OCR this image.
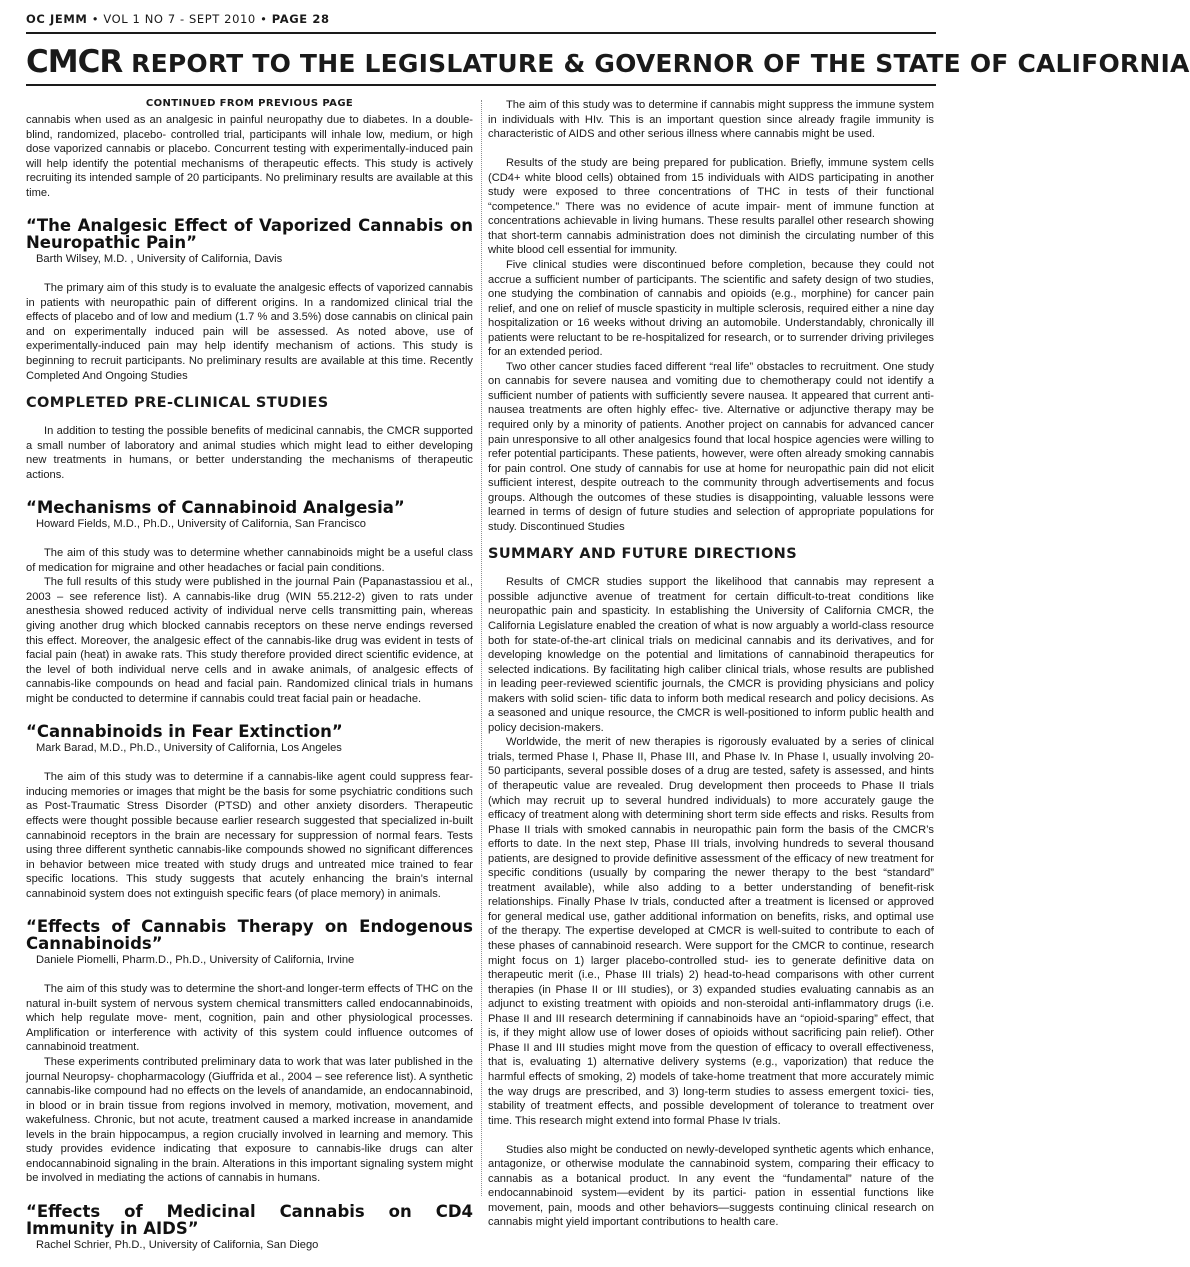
OC JEMM • VOL 1 NO 7 - SEPT 2010 • PAGE 28
CMCR REPORT TO THE LEGISLATURE & GOVERNOR OF THE STATE OF CALIFORNIA
CONTINUED FROM PREVIOUS PAGE

cannabis when used as an analgesic in painful neuropathy due to diabetes. In a double-blind, randomized, placebo- controlled trial, participants will inhale low, medium, or high dose vaporized cannabis or placebo. Concurrent testing with experimentally-induced pain will help identify the potential mechanisms of therapeutic effects. This study is actively recruiting its intended sample of 20 participants. No preliminary results are available at this time.

“The Analgesic Effect of Vaporized Cannabis on Neuropathic Pain”
Barth Wilsey, M.D. , University of California, Davis

The primary aim of this study is to evaluate the analgesic effects of vaporized cannabis in patients with neuropathic pain of different origins. In a randomized clinical trial the effects of placebo and of low and medium (1.7 % and 3.5%) dose cannabis on clinical pain and on experimentally induced pain will be assessed. As noted above, use of experimentally-induced pain may help identify mechanism of actions. This study is beginning to recruit participants. No preliminary results are available at this time. Recently Completed And Ongoing Studies

COMPLETED PRE-CLINICAL STUDIES

In addition to testing the possible benefits of medicinal cannabis, the CMCR supported a small number of laboratory and animal studies which might lead to either developing new treatments in humans, or better understanding the mechanisms of therapeutic actions.

“Mechanisms of Cannabinoid Analgesia”
Howard Fields, M.D., Ph.D., University of California, San Francisco

The aim of this study was to determine whether cannabinoids might be a useful class of medication for migraine and other headaches or facial pain conditions.

The full results of this study were published in the journal Pain (Papanastassiou et al., 2003 – see reference list). A cannabis-like drug (WIN 55.212-2) given to rats under anesthesia showed reduced activity of individual nerve cells transmitting pain, whereas giving another drug which blocked cannabis receptors on these nerve endings reversed this effect. Moreover, the analgesic effect of the cannabis-like drug was evident in tests of facial pain (heat) in awake rats. This study therefore provided direct scientific evidence, at the level of both individual nerve cells and in awake animals, of analgesic effects of cannabis-like compounds on head and facial pain. Randomized clinical trials in humans might be conducted to determine if cannabis could treat facial pain or headache.

“Cannabinoids in Fear Extinction”
Mark Barad, M.D., Ph.D., University of California, Los Angeles

The aim of this study was to determine if a cannabis-like agent could suppress fear-inducing memories or images that might be the basis for some psychiatric conditions such as Post-Traumatic Stress Disorder (PTSD) and other anxiety disorders. Therapeutic effects were thought possible because earlier research suggested that specialized in-built cannabinoid receptors in the brain are necessary for suppression of normal fears. Tests using three different synthetic cannabis-like compounds showed no significant differences in behavior between mice treated with study drugs and untreated mice trained to fear specific locations. This study suggests that acutely enhancing the brain’s internal cannabinoid system does not extinguish specific fears (of place memory) in animals.

“Effects of Cannabis Therapy on Endogenous Cannabinoids”
Daniele Piomelli, Pharm.D., Ph.D., University of California, Irvine

The aim of this study was to determine the short-and longer-term effects of THC on the natural in-built system of nervous system chemical transmitters called endocannabinoids, which help regulate move- ment, cognition, pain and other physiological processes. Amplification or interference with activity of this system could influence outcomes of cannabinoid treatment.

These experiments contributed preliminary data to work that was later published in the journal Neuropsy- chopharmacology (Giuffrida et al., 2004 – see reference list). A synthetic cannabis-like compound had no effects on the levels of anandamide, an endocannabinoid, in blood or in brain tissue from regions involved in memory, motivation, movement, and wakefulness. Chronic, but not acute, treatment caused a marked increase in anandamide levels in the brain hippocampus, a region crucially involved in learning and memory. This study provides evidence indicating that exposure to cannabis-like drugs can alter endocannabinoid signaling in the brain. Alterations in this important signaling system might be involved in mediating the actions of cannabis in humans.

“Effects of Medicinal Cannabis on CD4 Immunity in AIDS”
Rachel Schrier, Ph.D., University of California, San Diego

The aim of this study was to determine if cannabis might suppress the immune system in individuals with HIv. This is an important question since already fragile immunity is characteristic of AIDS and other serious illness where cannabis might be used.

Results of the study are being prepared for publication. Briefly, immune system cells (CD4+ white blood cells) obtained from 15 individuals with AIDS participating in another study were exposed to three concentrations of THC in tests of their functional “competence.” There was no evidence of acute impair- ment of immune function at concentrations achievable in living humans. These results parallel other research showing that short-term cannabis administration does not diminish the circulating number of this white blood cell essential for immunity.

Five clinical studies were discontinued before completion, because they could not accrue a sufficient number of participants. The scientific and safety design of two studies, one studying the combination of cannabis and opioids (e.g., morphine) for cancer pain relief, and one on relief of muscle spasticity in multiple sclerosis, required either a nine day hospitalization or 16 weeks without driving an automobile. Understandably, chronically ill patients were reluctant to be re-hospitalized for research, or to surrender driving privileges for an extended period.

Two other cancer studies faced different “real life” obstacles to recruitment. One study on cannabis for severe nausea and vomiting due to chemotherapy could not identify a sufficient number of patients with sufficiently severe nausea. It appeared that current anti-nausea treatments are often highly effec- tive. Alternative or adjunctive therapy may be required only by a minority of patients. Another project on cannabis for advanced cancer pain unresponsive to all other analgesics found that local hospice agencies were willing to refer potential participants. These patients, however, were often already smoking cannabis for pain control. One study of cannabis for use at home for neuropathic pain did not elicit sufficient interest, despite outreach to the community through advertisements and focus groups. Although the outcomes of these studies is disappointing, valuable lessons were learned in terms of design of future studies and selection of appropriate populations for study. Discontinued Studies

SUMMARY AND FUTURE DIRECTIONS

Results of CMCR studies support the likelihood that cannabis may represent a possible adjunctive avenue of treatment for certain difficult-to-treat conditions like neuropathic pain and spasticity. In establishing the University of California CMCR, the California Legislature enabled the creation of what is now arguably a world-class resource both for state-of-the-art clinical trials on medicinal cannabis and its derivatives, and for developing knowledge on the potential and limitations of cannabinoid therapeutics for selected indications. By facilitating high caliber clinical trials, whose results are published in leading peer-reviewed scientific journals, the CMCR is providing physicians and policy makers with solid scien- tific data to inform both medical research and policy decisions. As a seasoned and unique resource, the CMCR is well-positioned to inform public health and policy decision-makers.

Worldwide, the merit of new therapies is rigorously evaluated by a series of clinical trials, termed Phase I, Phase II, Phase III, and Phase Iv. In Phase I, usually involving 20-50 participants, several possible doses of a drug are tested, safety is assessed, and hints of therapeutic value are revealed. Drug development then proceeds to Phase II trials (which may recruit up to several hundred individuals) to more accurately gauge the efficacy of treatment along with determining short term side effects and risks. Results from Phase II trials with smoked cannabis in neuropathic pain form the basis of the CMCR’s efforts to date. In the next step, Phase III trials, involving hundreds to several thousand patients, are designed to provide definitive assessment of the efficacy of new treatment for specific conditions (usually by comparing the newer therapy to the best “standard” treatment available), while also adding to a better understanding of benefit-risk relationships. Finally Phase Iv trials, conducted after a treatment is licensed or approved for general medical use, gather additional information on benefits, risks, and optimal use of the therapy. The expertise developed at CMCR is well-suited to contribute to each of these phases of cannabinoid research. Were support for the CMCR to continue, research might focus on 1) larger placebo-controlled stud- ies to generate definitive data on therapeutic merit (i.e., Phase III trials) 2) head-to-head comparisons with other current therapies (in Phase II or III studies), or 3) expanded studies evaluating cannabis as an adjunct to existing treatment with opioids and non-steroidal anti-inflammatory drugs (i.e. Phase II and III research determining if cannabinoids have an “opioid-sparing” effect, that is, if they might allow use of lower doses of opioids without sacrificing pain relief). Other Phase II and III studies might move from the question of efficacy to overall effectiveness, that is, evaluating 1) alternative delivery systems (e.g., vaporization) that reduce the harmful effects of smoking, 2) models of take-home treatment that more accurately mimic the way drugs are prescribed, and 3) long-term studies to assess emergent toxici- ties, stability of treatment effects, and possible development of tolerance to treatment over time. This research might extend into formal Phase Iv trials.

Studies also might be conducted on newly-developed synthetic agents which enhance, antagonize, or otherwise modulate the cannabinoid system, comparing their efficacy to cannabis as a botanical product. In any event the “fundamental” nature of the endocannabinoid system—evident by its partici- pation in essential functions like movement, pain, moods and other behaviors—suggests continuing clinical research on cannabis might yield important contributions to health care.
